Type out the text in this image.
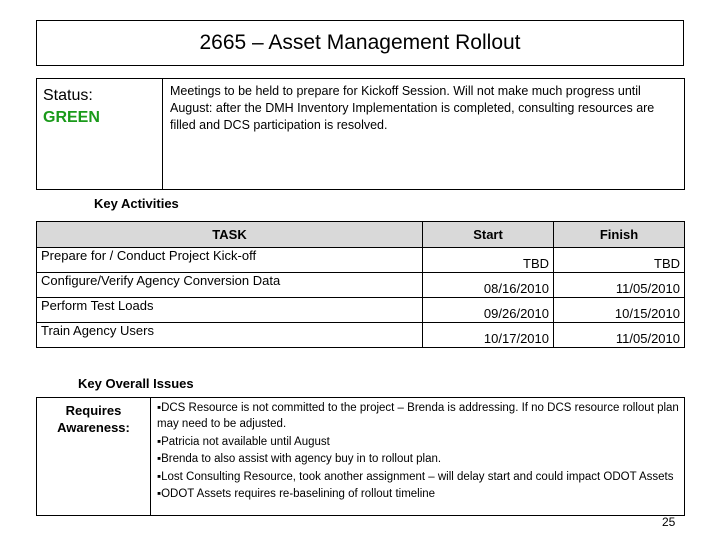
2665 – Asset Management Rollout
Status:
GREEN
Meetings to be held to prepare for Kickoff Session. Will not make much progress until August: after the DMH Inventory Implementation is completed, consulting resources are filled and DCS participation is resolved.
Key Activities
TASK	Start	Finish
Prepare for / Conduct Project Kick-off	TBD	TBD
Configure/Verify Agency Conversion Data	08/16/2010	11/05/2010
Perform Test Loads	09/26/2010	10/15/2010
Train Agency Users	10/17/2010	11/05/2010
Key Overall Issues
Requires Awareness:
▪DCS Resource is not committed to the project – Brenda is addressing. If no DCS resource rollout plan may need to be adjusted.
▪Patricia not available until August
▪Brenda to also assist with agency buy in to rollout plan.
▪Lost Consulting Resource, took another assignment – will delay start and could impact ODOT Assets
▪ODOT Assets requires re-baselining of rollout timeline
25
